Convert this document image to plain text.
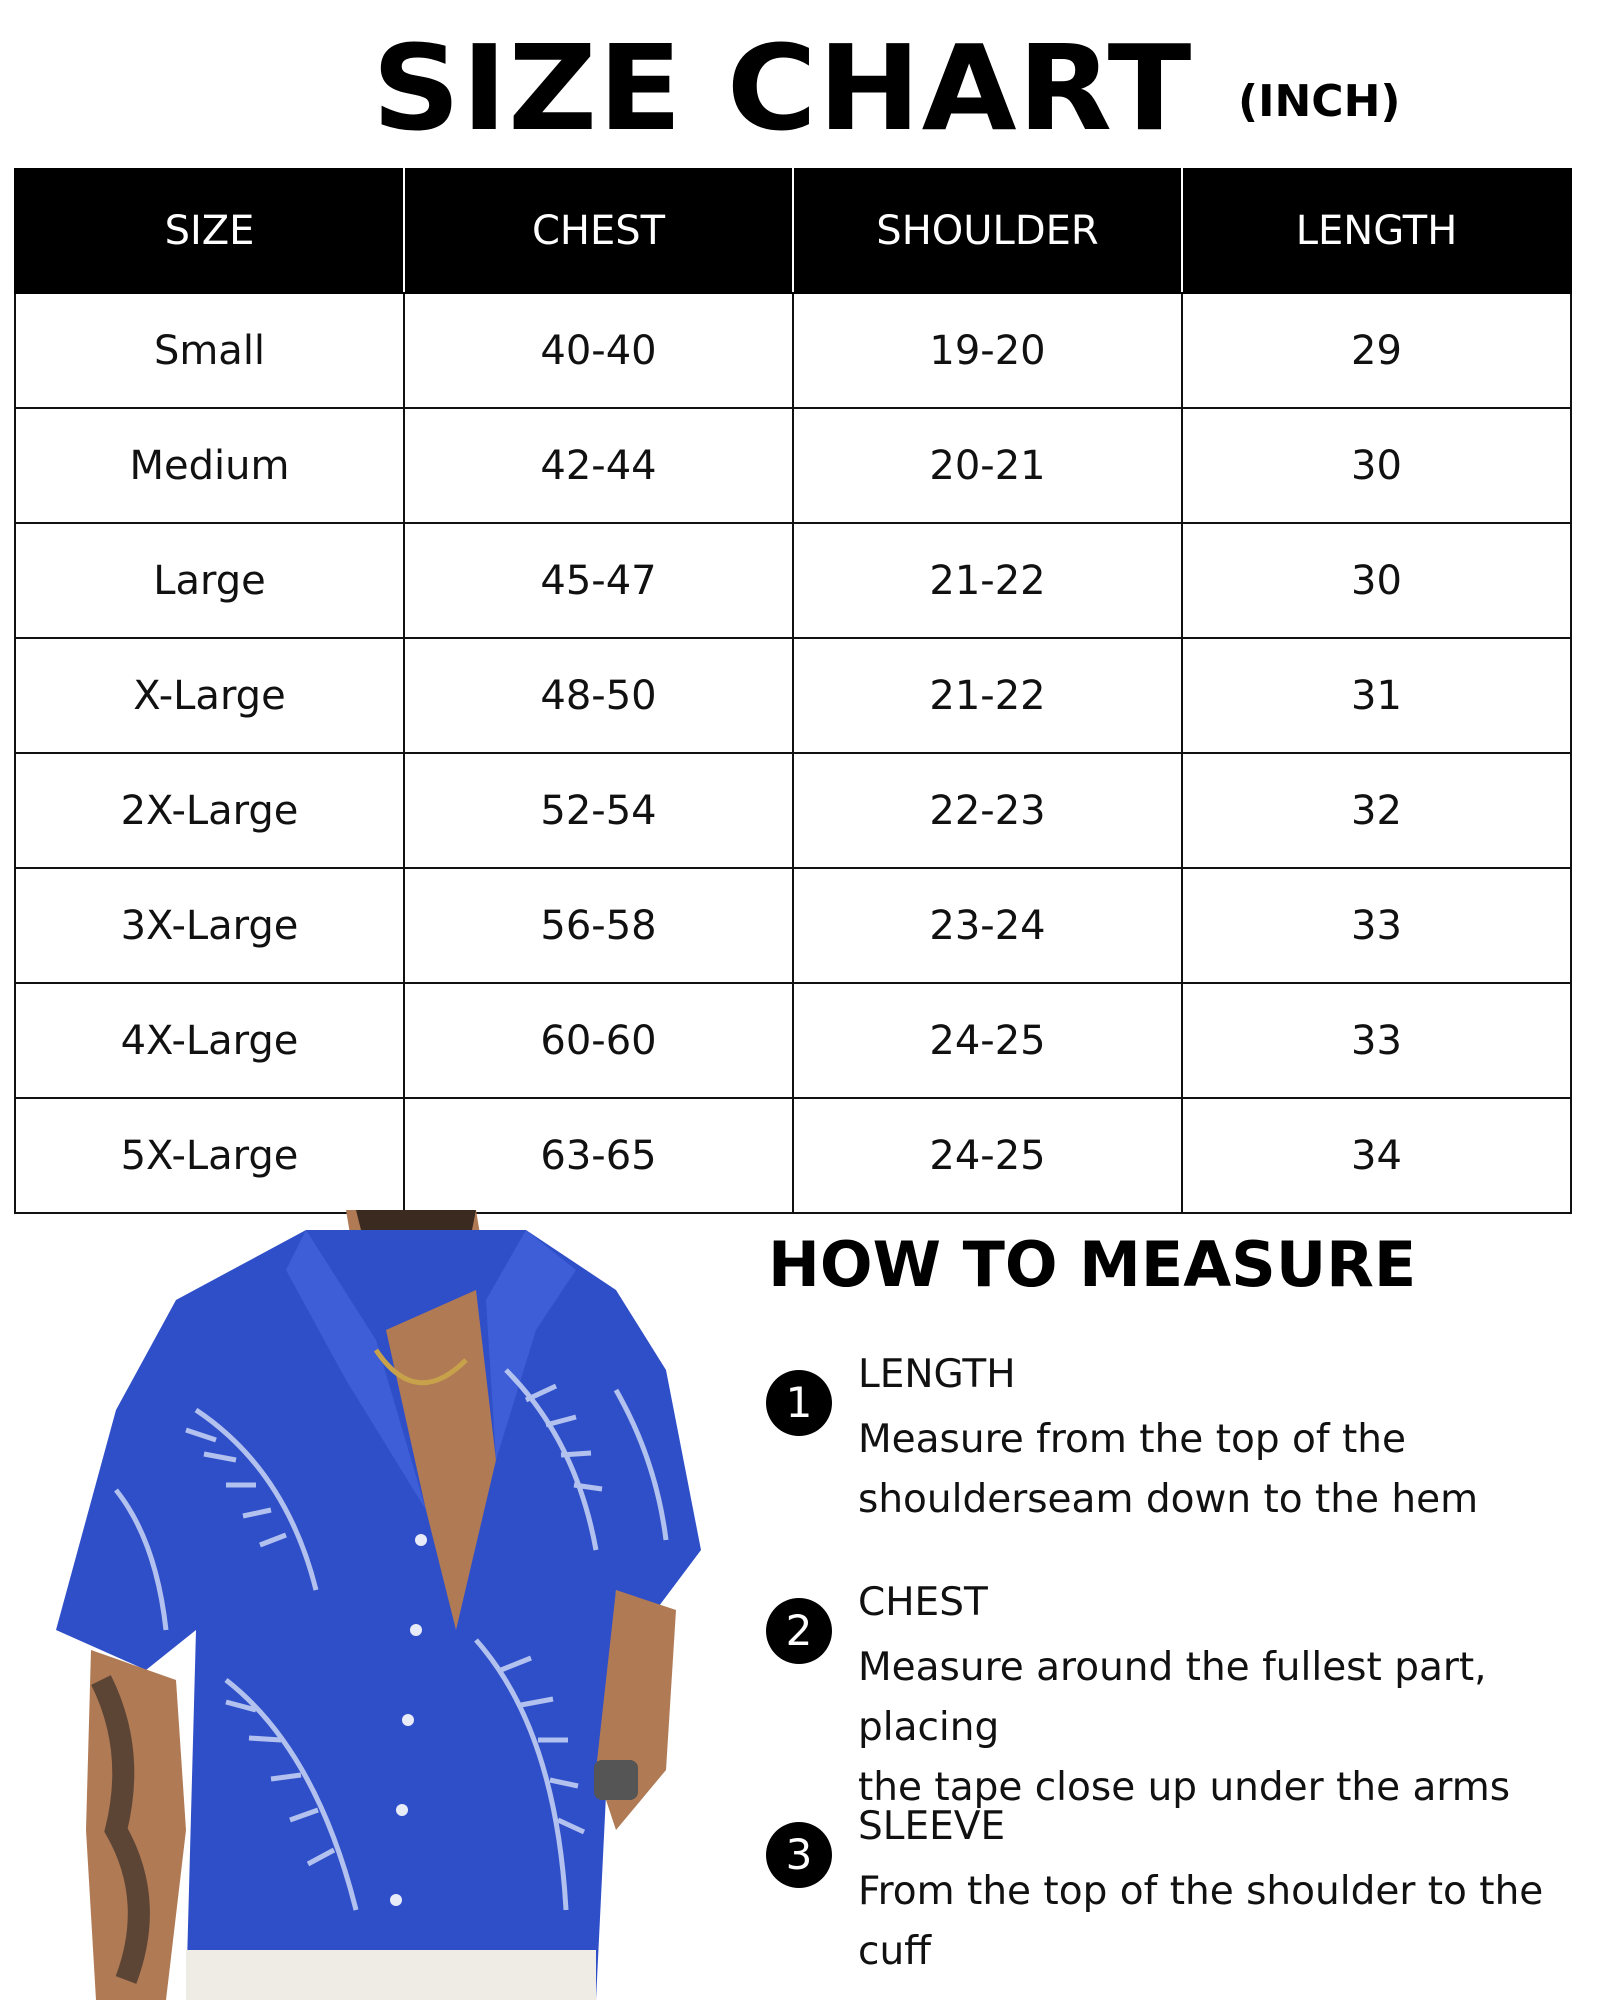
SIZE CHART (INCH)
SIZE	CHEST	SHOULDER	LENGTH
Small	40-40	19-20	29
Medium	42-44	20-21	30
Large	45-47	21-22	30
X-Large	48-50	21-22	31
2X-Large	52-54	22-23	32
3X-Large	56-58	23-24	33
4X-Large	60-60	24-25	33
5X-Large	63-65	24-25	34
HOW TO MEASURE
1
LENGTH
Measure from the top of the
shoulderseam down to the hem
2
CHEST
Measure around the fullest part, placing
the tape close up under the arms
3
SLEEVE
From the top of the shoulder to the cuff
